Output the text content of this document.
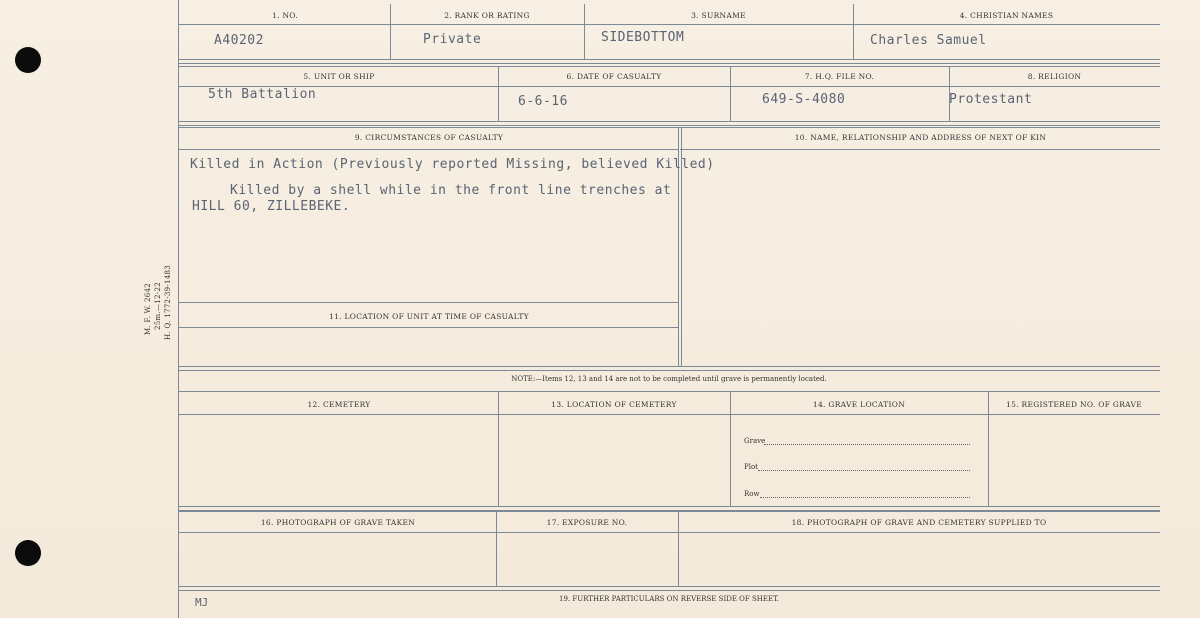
M. F. W. 2642 25m.—12-22 H. Q. 1772-39-1483
1. NO.	2. RANK OR RATING	3. SURNAME	4. CHRISTIAN NAMES
A40202	Private	SIDEBOTTOM	Charles Samuel
5. UNIT OR SHIP	6. DATE OF CASUALTY	7. H.Q. FILE NO.	8. RELIGION
5th Battalion	6-6-16	649-S-4080	Protestant
9. CIRCUMSTANCES OF CASUALTY	10. NAME, RELATIONSHIP AND ADDRESS OF NEXT OF KIN
Killed in Action (Previously reported Missing, believed Killed)
Killed by a shell while in the front line trenches at
HILL 60, ZILLEBEKE.
11. LOCATION OF UNIT AT TIME OF CASUALTY
NOTE:—Items 12, 13 and 14 are not to be completed until grave is permanently located.
12. CEMETERY	13. LOCATION OF CEMETERY	14. GRAVE LOCATION	15. REGISTERED NO. OF GRAVE
Grave
Plot
Row
16. PHOTOGRAPH OF GRAVE TAKEN	17. EXPOSURE NO.	18. PHOTOGRAPH OF GRAVE AND CEMETERY SUPPLIED TO
MJ	19. FURTHER PARTICULARS ON REVERSE SIDE OF SHEET.
